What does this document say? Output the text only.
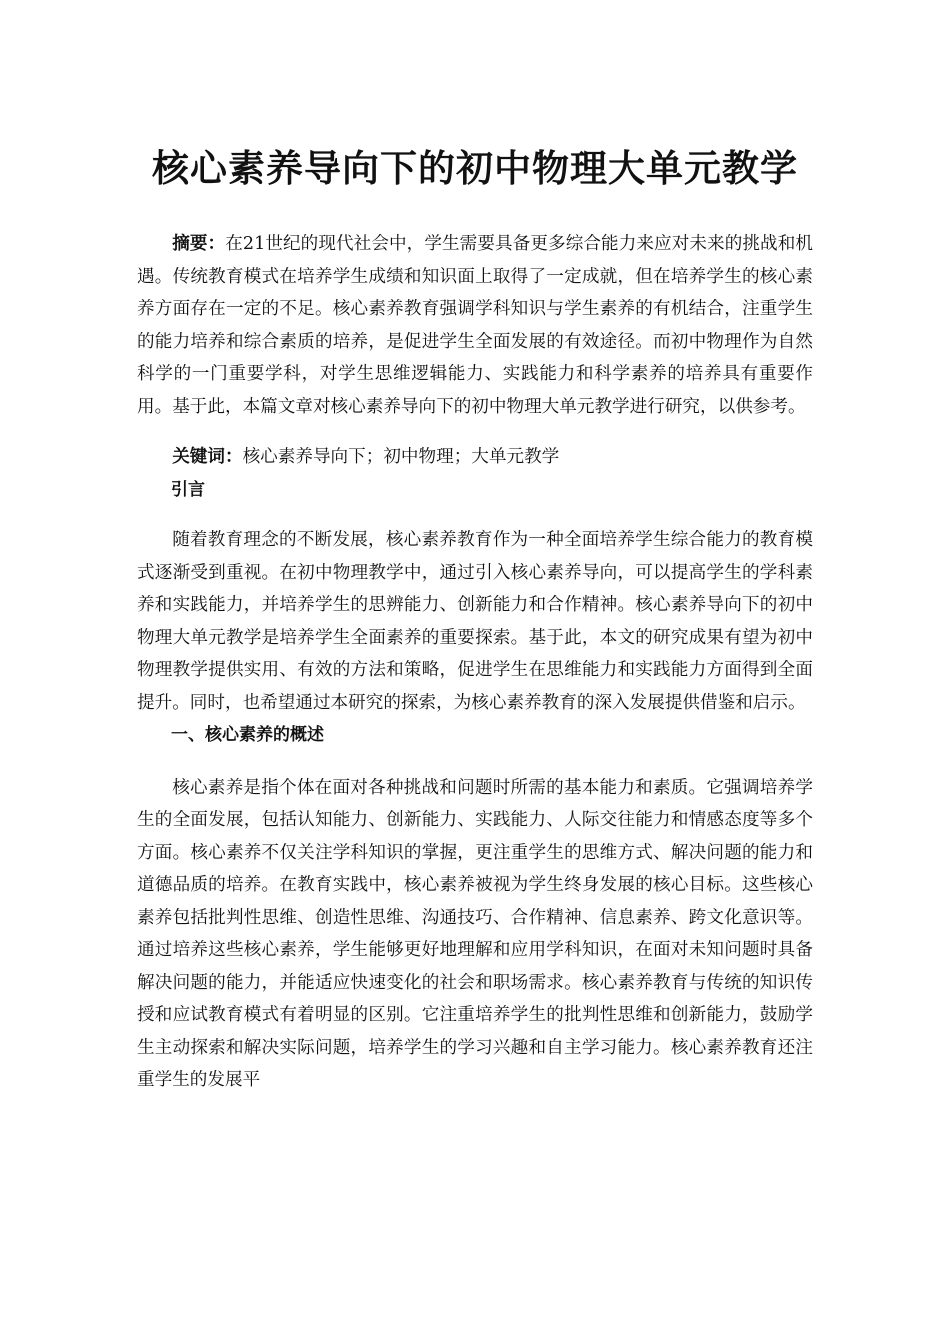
核心素养导向下的初中物理大单元教学

摘要：在21世纪的现代社会中，学生需要具备更多综合能力来应对未来的挑战和机遇。传统教育模式在培养学生成绩和知识面上取得了一定成就，但在培养学生的核心素养方面存在一定的不足。核心素养教育强调学科知识与学生素养的有机结合，注重学生的能力培养和综合素质的培养，是促进学生全面发展的有效途径。而初中物理作为自然科学的一门重要学科，对学生思维逻辑能力、实践能力和科学素养的培养具有重要作用。基于此，本篇文章对核心素养导向下的初中物理大单元教学进行研究，以供参考。

关键词：核心素养导向下；初中物理；大单元教学

引言

随着教育理念的不断发展，核心素养教育作为一种全面培养学生综合能力的教育模式逐渐受到重视。在初中物理教学中，通过引入核心素养导向，可以提高学生的学科素养和实践能力，并培养学生的思辨能力、创新能力和合作精神。核心素养导向下的初中物理大单元教学是培养学生全面素养的重要探索。基于此，本文的研究成果有望为初中物理教学提供实用、有效的方法和策略，促进学生在思维能力和实践能力方面得到全面提升。同时，也希望通过本研究的探索，为核心素养教育的深入发展提供借鉴和启示。

一、核心素养的概述

核心素养是指个体在面对各种挑战和问题时所需的基本能力和素质。它强调培养学生的全面发展，包括认知能力、创新能力、实践能力、人际交往能力和情感态度等多个方面。核心素养不仅关注学科知识的掌握，更注重学生的思维方式、解决问题的能力和道德品质的培养。在教育实践中，核心素养被视为学生终身发展的核心目标。这些核心素养包括批判性思维、创造性思维、沟通技巧、合作精神、信息素养、跨文化意识等。通过培养这些核心素养，学生能够更好地理解和应用学科知识，在面对未知问题时具备解决问题的能力，并能适应快速变化的社会和职场需求。核心素养教育与传统的知识传授和应试教育模式有着明显的区别。它注重培养学生的批判性思维和创新能力，鼓励学生主动探索和解决实际问题，培养学生的学习兴趣和自主学习能力。核心素养教育还注重学生的发展平
